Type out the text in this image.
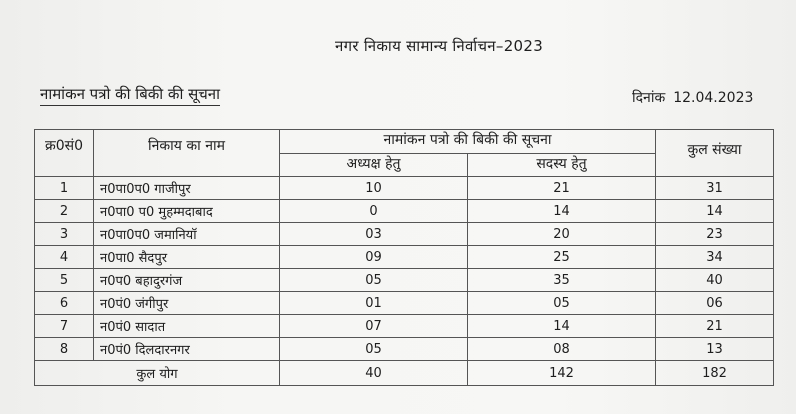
नगर निकाय सामान्य निर्वाचन–2023
नामांकन पत्रो की बिकी की सूचना	दिनांक 12.04.2023
क्र0सं0	निकाय का नाम	नामांकन पत्रो की बिकी की सूचना		कुल संख्या
		अध्यक्ष हेतु	सदस्य हेतु	
1	न0पा0प0 गाजीपुर	10	21	31
2	न0पा0 प0 मुहम्मदाबाद	0	14	14
3	न0पा0प0 जमानियॉ	03	20	23
4	न0पा0 सैदपुर	09	25	34
5	न0प0 बहादुरगंज	05	35	40
6	न0पं0 जंगीपुर	01	05	06
7	न0पं0 सादात	07	14	21
8	न0पं0 दिलदारनगर	05	08	13
कुल योग		40	142	182
